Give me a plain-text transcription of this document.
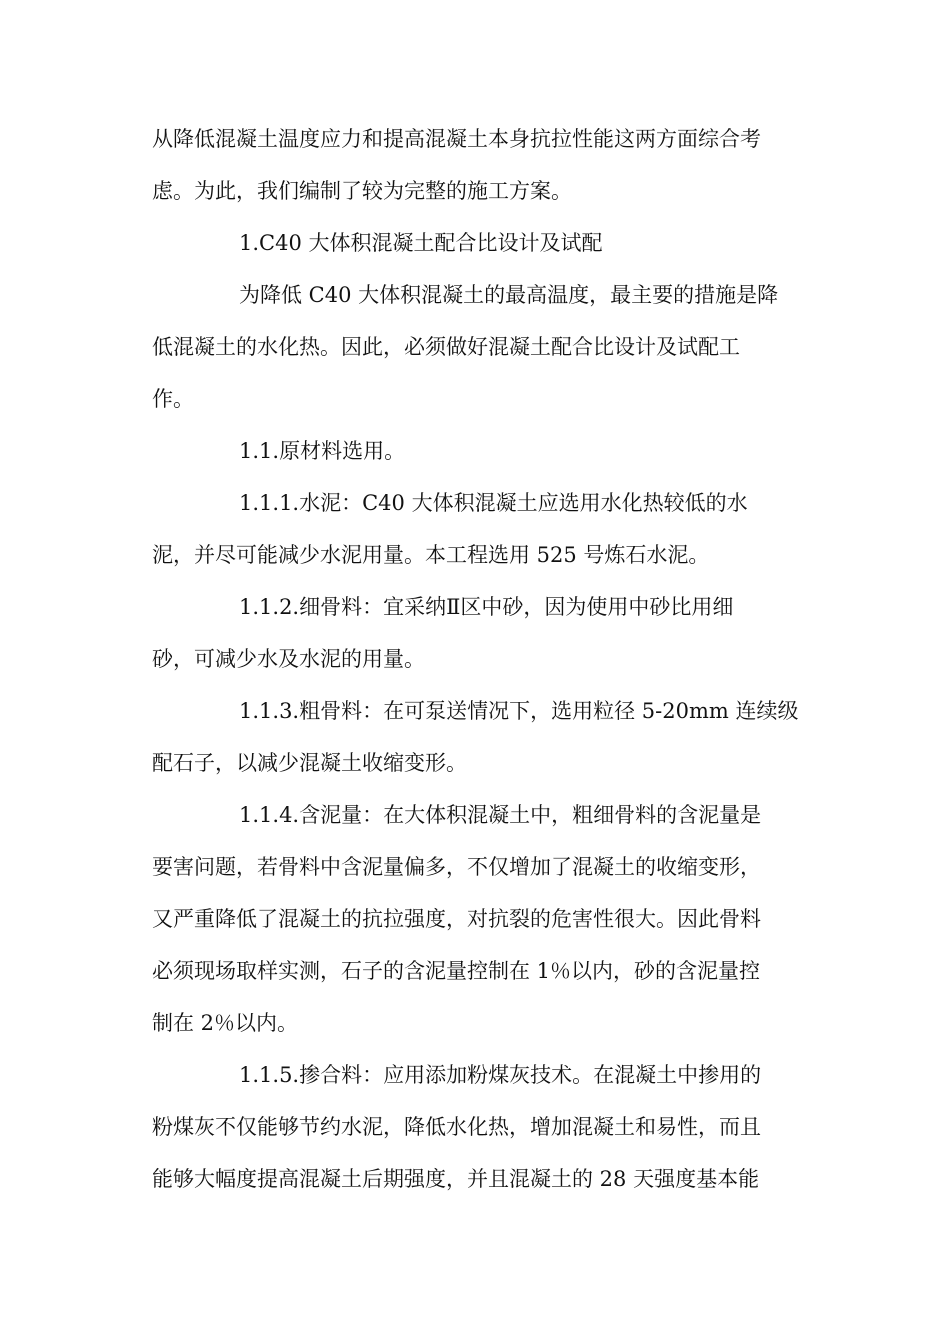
从降低混凝土温度应力和提高混凝土本身抗拉性能这两方面综合考
虑。为此，我们编制了较为完整的施工方案。
1.C40 大体积混凝土配合比设计及试配
为降低 C40 大体积混凝土的最高温度，最主要的措施是降
低混凝土的水化热。因此，必须做好混凝土配合比设计及试配工
作。
1.1.原材料选用。
1.1.1.水泥：C40 大体积混凝土应选用水化热较低的水
泥，并尽可能减少水泥用量。本工程选用 525 号炼石水泥。
1.1.2.细骨料：宜采纳Ⅱ区中砂，因为使用中砂比用细
砂，可减少水及水泥的用量。
1.1.3.粗骨料：在可泵送情况下，选用粒径 5-20mm 连续级
配石子，以减少混凝土收缩变形。
1.1.4.含泥量：在大体积混凝土中，粗细骨料的含泥量是
要害问题，若骨料中含泥量偏多，不仅增加了混凝土的收缩变形，
又严重降低了混凝土的抗拉强度，对抗裂的危害性很大。因此骨料
必须现场取样实测，石子的含泥量控制在 1％以内，砂的含泥量控
制在 2％以内。
1.1.5.掺合料：应用添加粉煤灰技术。在混凝土中掺用的
粉煤灰不仅能够节约水泥，降低水化热，增加混凝土和易性，而且
能够大幅度提高混凝土后期强度，并且混凝土的 28 天强度基本能
